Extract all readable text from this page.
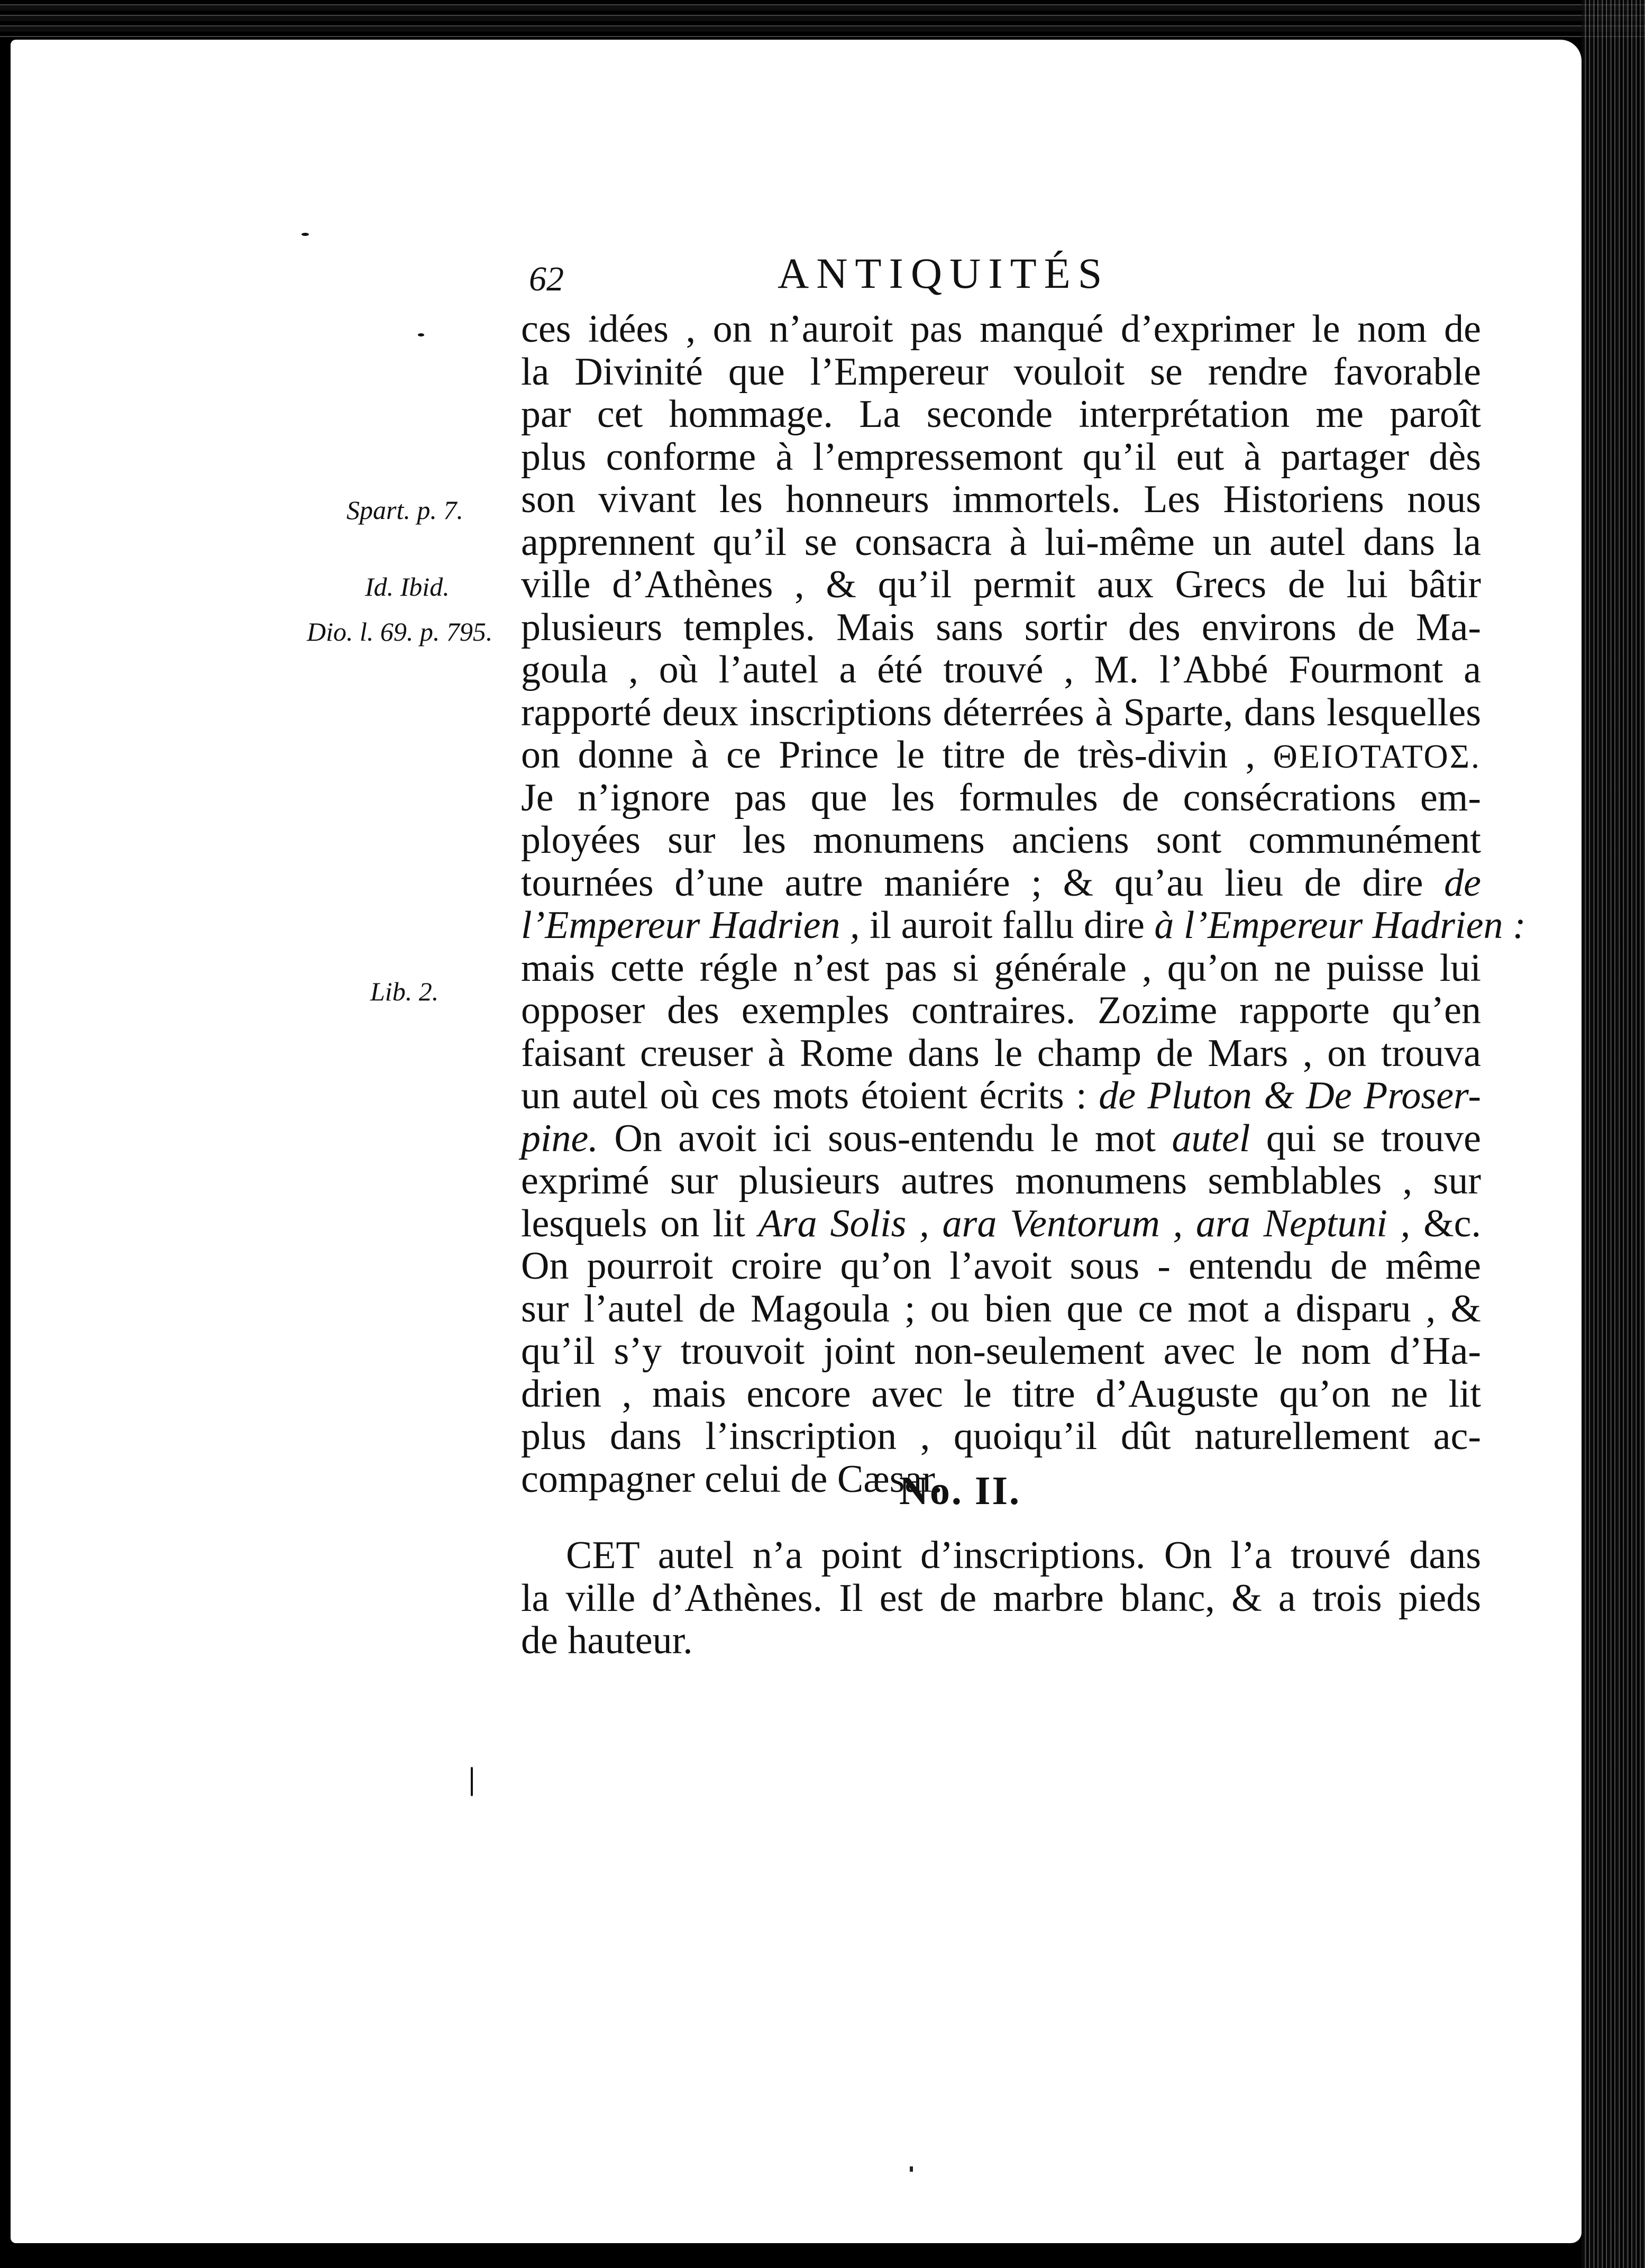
62	ANTIQUITÉS
Spart. p. 7.
Id. Ibid.
Dio. l. 69. p. 795.
Lib. 2.
ces idées , on n’auroit pas manqué d’exprimer le nom de
la Divinité que l’Empereur vouloit se rendre favorable
par cet hommage. La seconde interprétation me paroît
plus conforme à l’empressemont qu’il eut à partager dès
son vivant les honneurs immortels. Les Historiens nous
apprennent qu’il se consacra à lui-même un autel dans la
ville d’Athènes , & qu’il permit aux Grecs de lui bâtir
plusieurs temples. Mais sans sortir des environs de Ma-
goula , où l’autel a été trouvé , M. l’Abbé Fourmont a
rapporté deux inscriptions déterrées à Sparte, dans lesquelles
on donne à ce Prince le titre de très-divin , ΘΕΙΟΤΑΤΟΣ.
Je n’ignore pas que les formules de consécrations em-
ployées sur les monumens anciens sont communément
tournées d’une autre maniére ; & qu’au lieu de dire de
l’Empereur Hadrien , il auroit fallu dire à l’Empereur Hadrien :
mais cette régle n’est pas si générale , qu’on ne puisse lui
opposer des exemples contraires. Zozime rapporte qu’en
faisant creuser à Rome dans le champ de Mars , on trouva
un autel où ces mots étoient écrits : de Pluton & De Proser-
pine. On avoit ici sous-entendu le mot autel qui se trouve
exprimé sur plusieurs autres monumens semblables , sur
lesquels on lit Ara Solis , ara Ventorum , ara Neptuni , &c.
On pourroit croire qu’on l’avoit sous - entendu de même
sur l’autel de Magoula ; ou bien que ce mot a disparu , &
qu’il s’y trouvoit joint non-seulement avec le nom d’Ha-
drien , mais encore avec le titre d’Auguste qu’on ne lit
plus dans l’inscription , quoiqu’il dût naturellement ac-
compagner celui de Cæsar.
No. II.
CET autel n’a point d’inscriptions. On l’a trouvé dans
la ville d’Athènes. Il est de marbre blanc, & a trois pieds
de hauteur.
